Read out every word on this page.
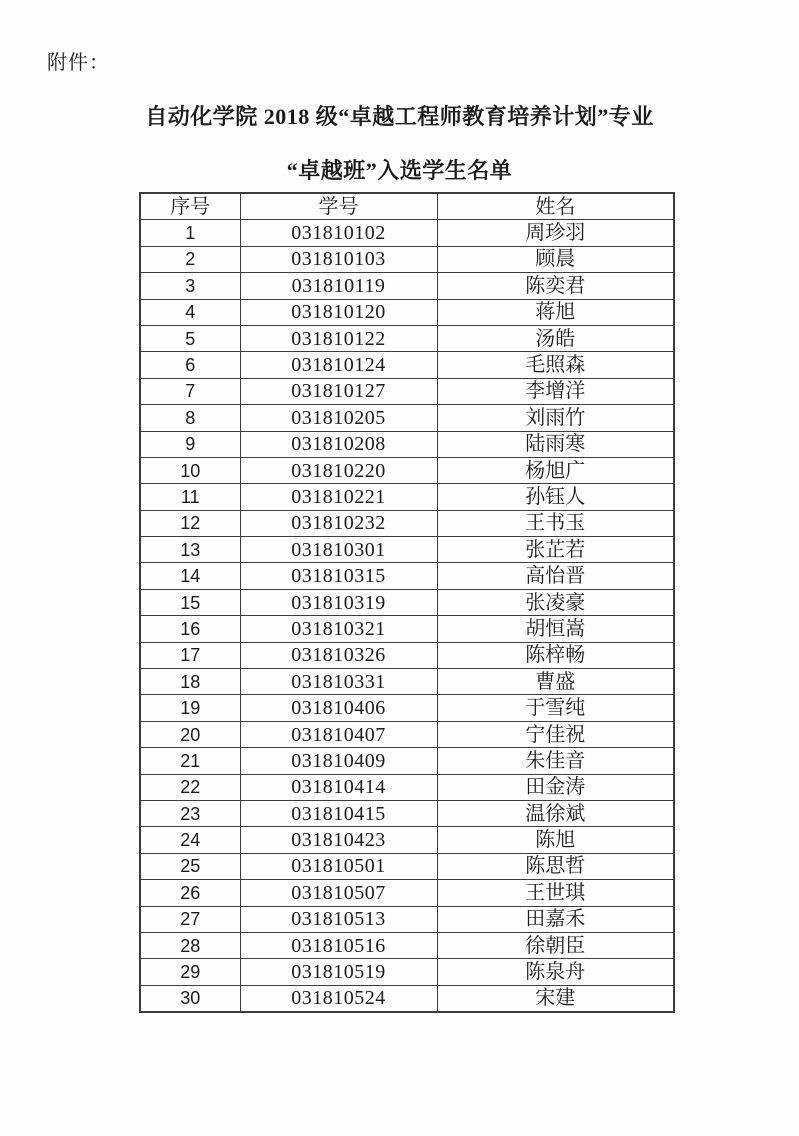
附件：
自动化学院 2018 级“卓越工程师教育培养计划”专业
“卓越班”入选学生名单
序号	学号	姓名
1	031810102	周珍羽
2	031810103	顾晨
3	031810119	陈奕君
4	031810120	蒋旭
5	031810122	汤皓
6	031810124	毛照森
7	031810127	李增洋
8	031810205	刘雨竹
9	031810208	陆雨寒
10	031810220	杨旭广
11	031810221	孙钰人
12	031810232	王书玉
13	031810301	张芷若
14	031810315	高怡晋
15	031810319	张凌豪
16	031810321	胡恒嵩
17	031810326	陈梓畅
18	031810331	曹盛
19	031810406	于雪纯
20	031810407	宁佳祝
21	031810409	朱佳音
22	031810414	田金涛
23	031810415	温徐斌
24	031810423	陈旭
25	031810501	陈思哲
26	031810507	王世琪
27	031810513	田嘉禾
28	031810516	徐朝臣
29	031810519	陈泉舟
30	031810524	宋建
